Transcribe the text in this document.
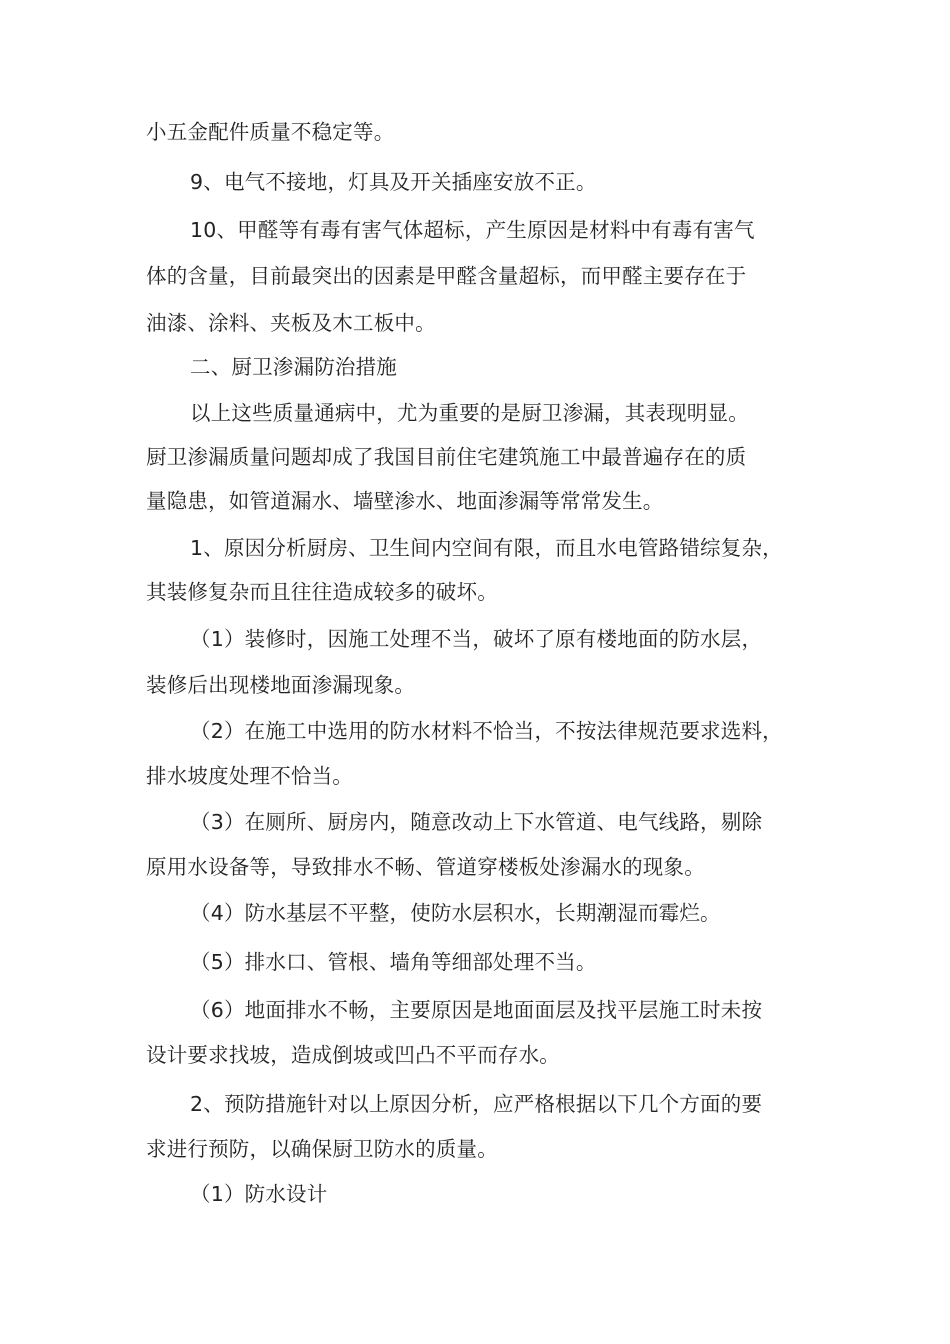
小五金配件质量不稳定等。
9、电气不接地，灯具及开关插座安放不正。
10、甲醛等有毒有害气体超标，产生原因是材料中有毒有害气
体的含量，目前最突出的因素是甲醛含量超标，而甲醛主要存在于
油漆、涂料、夹板及木工板中。
二、厨卫渗漏防治措施
以上这些质量通病中，尤为重要的是厨卫渗漏，其表现明显。
厨卫渗漏质量问题却成了我国目前住宅建筑施工中最普遍存在的质
量隐患，如管道漏水、墙壁渗水、地面渗漏等常常发生。
1、原因分析厨房、卫生间内空间有限，而且水电管路错综复杂，
其装修复杂而且往往造成较多的破坏。
（1）装修时，因施工处理不当，破坏了原有楼地面的防水层，
装修后出现楼地面渗漏现象。
（2）在施工中选用的防水材料不恰当，不按法律规范要求选料，
排水坡度处理不恰当。
（3）在厕所、厨房内，随意改动上下水管道、电气线路，剔除
原用水设备等，导致排水不畅、管道穿楼板处渗漏水的现象。
（4）防水基层不平整，使防水层积水，长期潮湿而霉烂。
（5）排水口、管根、墙角等细部处理不当。
（6）地面排水不畅，主要原因是地面面层及找平层施工时未按
设计要求找坡，造成倒坡或凹凸不平而存水。
2、预防措施针对以上原因分析，应严格根据以下几个方面的要
求进行预防，以确保厨卫防水的质量。
（1）防水设计
